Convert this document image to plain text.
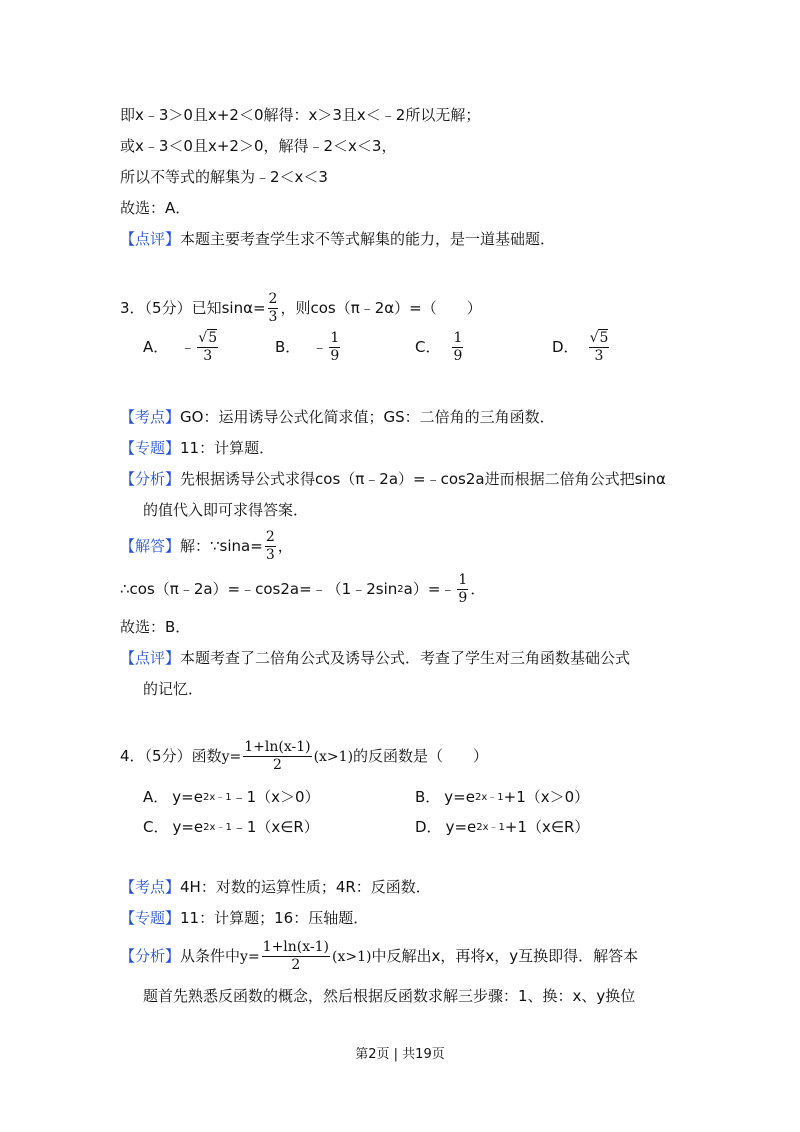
即x﹣3＞0且x+2＜0解得：x＞3且x＜﹣2所以无解；
或x﹣3＜0且x+2＞0，解得﹣2＜x＜3，
所以不等式的解集为﹣2＜x＜3
故选：A．
【点评】 本题主要考查学生求不等式解集的能力，是一道基础题．
3．（5分）已知$\sin\alpha= \frac{2}{3}$ ，则cos（π﹣2α）=（　　）
A． ﹣ $\frac{√5}{3}$	B． ﹣ $\frac{1}{9}$	C． $\frac{1}{9}$	D． $\frac{√5}{3}$
【考点】 GO：运用诱导公式化简求值；GS：二倍角的三角函数．
【专题】 11：计算题．
【分析】 先根据诱导公式求得cos（π﹣2a）=﹣cos2a进而根据二倍角公式把sinα
的值代入即可求得答案．
【解答】 解：∵sina= $\frac{2}{3}$ ，
∴cos（π﹣2a）=﹣cos2a=﹣（1﹣2sin 2 a）=﹣ $\frac{1}{9}$ ．
故选：B．
【点评】 本题考查了二倍角公式及诱导公式．考查了学生对三角函数基础公式
的记忆．
4．（5分）函数 $y= \frac{1+\ln(x-1)}{2} (x>1)$ 的反函数是（　　）
A． y=e 2x﹣1 ﹣1（x＞0）	B． y=e 2x﹣1 +1（x＞0）
C． y=e 2x﹣1 ﹣1（x∈R）	D． y=e 2x﹣1 +1（x∈R）
【考点】 4H：对数的运算性质；4R：反函数．
【专题】 11：计算题；16：压轴题．
【分析】 从条件中 $y= \frac{1+\ln(x-1)}{2} (x>1)$ 中反解出x，再将x，y互换即得．解答本
题首先熟悉反函数的概念，然后根据反函数求解三步骤：1、换：x、y换位
第2页 | 共19页
